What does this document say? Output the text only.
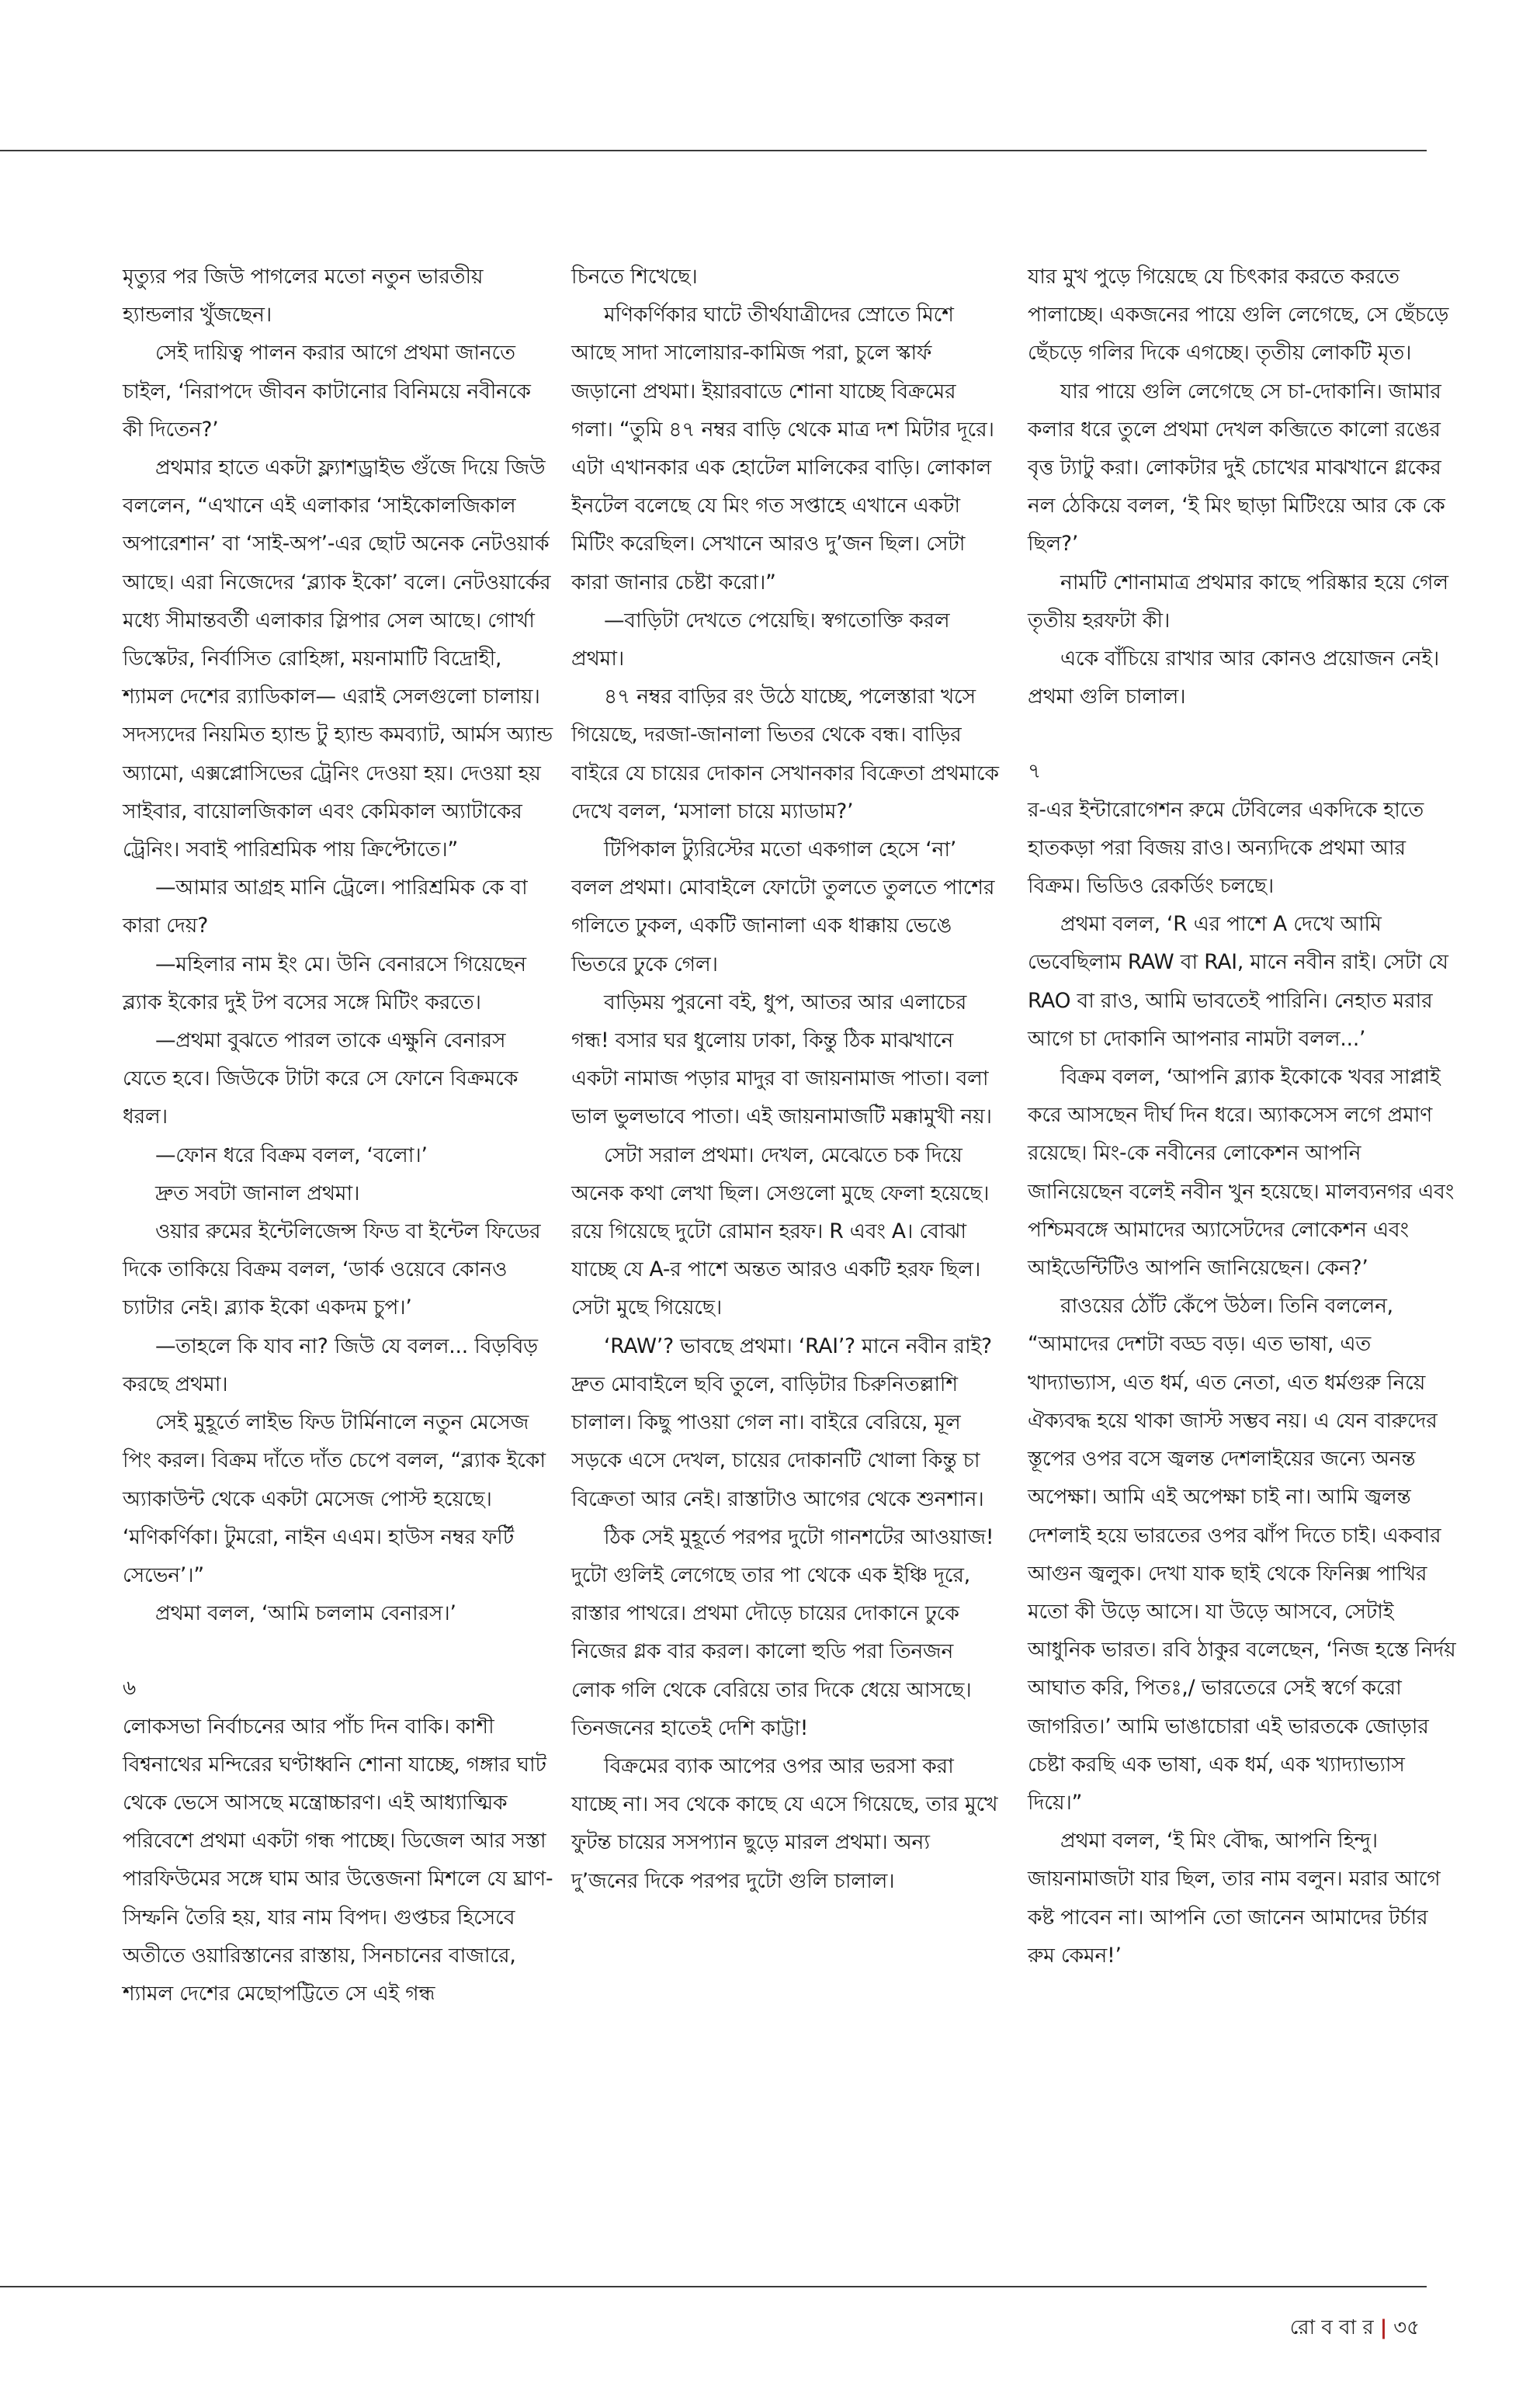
মৃত্যুর পর জিউ পাগলের মতো নতুন ভারতীয় হ্যান্ডলার খুঁজছেন।

সেই দায়িত্ব পালন করার আগে প্রথমা জানতে চাইল, ‘নিরাপদে জীবন কাটানোর বিনিময়ে নবীনকে কী দিতেন?’

প্রথমার হাতে একটা ফ্ল্যাশড্রাইভ গুঁজে দিয়ে জিউ বললেন, “এখানে এই এলাকার ‘সাইকোলজিকাল অপারেশান’ বা ‘সাই-অপ’-এর ছোট অনেক নেটওয়ার্ক আছে। এরা নিজেদের ‘ব্ল্যাক ইকো’ বলে। নেটওয়ার্কের মধ্যে সীমান্তবর্তী এলাকার স্লিপার সেল আছে। গোর্খা ডিস্কেটর, নির্বাসিত রোহিঙ্গা, ময়নামাটি বিদ্রোহী, শ্যামল দেশের র‍্যাডিকাল— এরাই সেলগুলো চালায়। সদস্যদের নিয়মিত হ্যান্ড টু হ্যান্ড কমব্যাট, আর্মস অ্যান্ড অ্যামো, এক্সপ্লোসিভের ট্রেনিং দেওয়া হয়। দেওয়া হয় সাইবার, বায়োলজিকাল এবং কেমিকাল অ্যাটাকের ট্রেনিং। সবাই পারিশ্রমিক পায় ক্রিপ্টোতে।”

—আমার আগ্রহ মানি ট্রেলে। পারিশ্রমিক কে বা কারা দেয়?

—মহিলার নাম ইং মে। উনি বেনারসে গিয়েছেন ব্ল্যাক ইকোর দুই টপ বসের সঙ্গে মিটিং করতে।

—প্রথমা বুঝতে পারল তাকে এক্ষুনি বেনারস যেতে হবে। জিউকে টাটা করে সে ফোনে বিক্রমকে ধরল।

—ফোন ধরে বিক্রম বলল, ‘বলো।’

দ্রুত সবটা জানাল প্রথমা।

ওয়ার রুমের ইন্টেলিজেন্স ফিড বা ইন্টেল ফিডের দিকে তাকিয়ে বিক্রম বলল, ‘ডার্ক ওয়েবে কোনও চ্যাটার নেই। ব্ল্যাক ইকো একদম চুপ।’

—তাহলে কি যাব না? জিউ যে বলল... বিড়বিড় করছে প্রথমা।

সেই মুহূর্তে লাইভ ফিড টার্মিনালে নতুন মেসেজ পিং করল। বিক্রম দাঁতে দাঁত চেপে বলল, “ব্ল্যাক ইকো অ্যাকাউন্ট থেকে একটা মেসেজ পোস্ট হয়েছে। ‘মণিকর্ণিকা। টুমরো, নাইন এএম। হাউস নম্বর ফর্টি সেভেন’।”

প্রথমা বলল, ‘আমি চললাম বেনারস।’

৬

লোকসভা নির্বাচনের আর পাঁচ দিন বাকি। কাশী বিশ্বনাথের মন্দিরের ঘণ্টাধ্বনি শোনা যাচ্ছে, গঙ্গার ঘাট থেকে ভেসে আসছে মন্ত্রোচ্চারণ। এই আধ্যাত্মিক পরিবেশে প্রথমা একটা গন্ধ পাচ্ছে। ডিজেল আর সস্তা পারফিউমের সঙ্গে ঘাম আর উত্তেজনা মিশলে যে ঘ্রাণ-সিম্ফনি তৈরি হয়, যার নাম বিপদ। গুপ্তচর হিসেবে অতীতে ওয়ারিস্তানের রাস্তায়, সিনচানের বাজারে, শ্যামল দেশের মেছোপট্টিতে সে এই গন্ধ

চিনতে শিখেছে।

মণিকর্ণিকার ঘাটে তীর্থযাত্রীদের স্রোতে মিশে আছে সাদা সালোয়ার-কামিজ পরা, চুলে স্কার্ফ জড়ানো প্রথমা। ইয়ারবাডে শোনা যাচ্ছে বিক্রমের গলা। “তুমি ৪৭ নম্বর বাড়ি থেকে মাত্র দশ মিটার দূরে। এটা এখানকার এক হোটেল মালিকের বাড়ি। লোকাল ইনটেল বলেছে যে মিং গত সপ্তাহে এখানে একটা মিটিং করেছিল। সেখানে আরও দু’জন ছিল। সেটা কারা জানার চেষ্টা করো।”

—বাড়িটা দেখতে পেয়েছি। স্বগতোক্তি করল প্রথমা।

৪৭ নম্বর বাড়ির রং উঠে যাচ্ছে, পলেস্তারা খসে গিয়েছে, দরজা-জানালা ভিতর থেকে বন্ধ। বাড়ির বাইরে যে চায়ের দোকান সেখানকার বিক্রেতা প্রথমাকে দেখে বলল, ‘মসালা চায়ে ম্যাডাম?’

টিপিকাল ট্যুরিস্টের মতো একগাল হেসে ‘না’ বলল প্রথমা। মোবাইলে ফোটো তুলতে তুলতে পাশের গলিতে ঢুকল, একটি জানালা এক ধাক্কায় ভেঙে ভিতরে ঢুকে গেল।

বাড়িময় পুরনো বই, ধুপ, আতর আর এলাচের গন্ধ! বসার ঘর ধুলোয় ঢাকা, কিন্তু ঠিক মাঝখানে একটা নামাজ পড়ার মাদুর বা জায়নামাজ পাতা। বলা ভাল ভুলভাবে পাতা। এই জায়নামাজটি মক্কামুখী নয়।

সেটা সরাল প্রথমা। দেখল, মেঝেতে চক দিয়ে অনেক কথা লেখা ছিল। সেগুলো মুছে ফেলা হয়েছে। রয়ে গিয়েছে দুটো রোমান হরফ। R এবং A। বোঝা যাচ্ছে যে A-র পাশে অন্তত আরও একটি হরফ ছিল। সেটা মুছে গিয়েছে।

‘RAW’? ভাবছে প্রথমা। ‘RAI’? মানে নবীন রাই? দ্রুত মোবাইলে ছবি তুলে, বাড়িটার চিরুনিতল্লাশি চালাল। কিছু পাওয়া গেল না। বাইরে বেরিয়ে, মূল সড়কে এসে দেখল, চায়ের দোকানটি খোলা কিন্তু চা বিক্রেতা আর নেই। রাস্তাটাও আগের থেকে শুনশান।

ঠিক সেই মুহূর্তে পরপর দুটো গানশটের আওয়াজ! দুটো গুলিই লেগেছে তার পা থেকে এক ইঞ্চি দূরে, রাস্তার পাথরে। প্রথমা দৌড়ে চায়ের দোকানে ঢুকে নিজের গ্লক বার করল। কালো হুডি পরা তিনজন লোক গলি থেকে বেরিয়ে তার দিকে ধেয়ে আসছে। তিনজনের হাতেই দেশি কাট্টা!

বিক্রমের ব্যাক আপের ওপর আর ভরসা করা যাচ্ছে না। সব থেকে কাছে যে এসে গিয়েছে, তার মুখে ফুটন্ত চায়ের সসপ্যান ছুড়ে মারল প্রথমা। অন্য দু’জনের দিকে পরপর দুটো গুলি চালাল।

যার মুখ পুড়ে গিয়েছে যে চিৎকার করতে করতে পালাচ্ছে। একজনের পায়ে গুলি লেগেছে, সে ছেঁচড়ে ছেঁচড়ে গলির দিকে এগচ্ছে। তৃতীয় লোকটি মৃত।

যার পায়ে গুলি লেগেছে সে চা-দোকানি। জামার কলার ধরে তুলে প্রথমা দেখল কব্জিতে কালো রঙের বৃত্ত ট্যাটু করা। লোকটার দুই চোখের মাঝখানে গ্লকের নল ঠেকিয়ে বলল, ‘ই মিং ছাড়া মিটিংয়ে আর কে কে ছিল?’

নামটি শোনামাত্র প্রথমার কাছে পরিষ্কার হয়ে গেল তৃতীয় হরফটা কী।

একে বাঁচিয়ে রাখার আর কোনও প্রয়োজন নেই। প্রথমা গুলি চালাল।

৭

র-এর ইন্টারোগেশন রুমে টেবিলের একদিকে হাতে হাতকড়া পরা বিজয় রাও। অন্যদিকে প্রথমা আর বিক্রম। ভিডিও রেকর্ডিং চলছে।

প্রথমা বলল, ‘R এর পাশে A দেখে আমি ভেবেছিলাম RAW বা RAI, মানে নবীন রাই। সেটা যে RAO বা রাও, আমি ভাবতেই পারিনি। নেহাত মরার আগে চা দোকানি আপনার নামটা বলল...’

বিক্রম বলল, ‘আপনি ব্ল্যাক ইকোকে খবর সাপ্লাই করে আসছেন দীর্ঘ দিন ধরে। অ্যাকসেস লগে প্রমাণ রয়েছে। মিং-কে নবীনের লোকেশন আপনি জানিয়েছেন বলেই নবীন খুন হয়েছে। মালব্যনগর এবং পশ্চিমবঙ্গে আমাদের অ্যাসেটদের লোকেশন এবং আইডেন্টিটিও আপনি জানিয়েছেন। কেন?’

রাওয়ের ঠোঁট কেঁপে উঠল। তিনি বললেন, “আমাদের দেশটা বড্ড বড়। এত ভাষা, এত খাদ্যাভ্যাস, এত ধর্ম, এত নেতা, এত ধর্মগুরু নিয়ে ঐক্যবদ্ধ হয়ে থাকা জাস্ট সম্ভব নয়। এ যেন বারুদের স্তূপের ওপর বসে জ্বলন্ত দেশলাইয়ের জন্যে অনন্ত অপেক্ষা। আমি এই অপেক্ষা চাই না। আমি জ্বলন্ত দেশলাই হয়ে ভারতের ওপর ঝাঁপ দিতে চাই। একবার আগুন জ্বলুক। দেখা যাক ছাই থেকে ফিনিক্স পাখির মতো কী উড়ে আসে। যা উড়ে আসবে, সেটাই আধুনিক ভারত। রবি ঠাকুর বলেছেন, ‘নিজ হস্তে নির্দয় আঘাত করি, পিতঃ,/ ভারতেরে সেই স্বর্গে করো জাগরিত।’ আমি ভাঙাচোরা এই ভারতকে জোড়ার চেষ্টা করছি এক ভাষা, এক ধর্ম, এক খ্যাদ্যাভ্যাস দিয়ে।”

প্রথমা বলল, ‘ই মিং বৌদ্ধ, আপনি হিন্দু। জায়নামাজটা যার ছিল, তার নাম বলুন। মরার আগে কষ্ট পাবেন না। আপনি তো জানেন আমাদের টর্চার রুম কেমন!’

রো ব বা র | ৩৫
